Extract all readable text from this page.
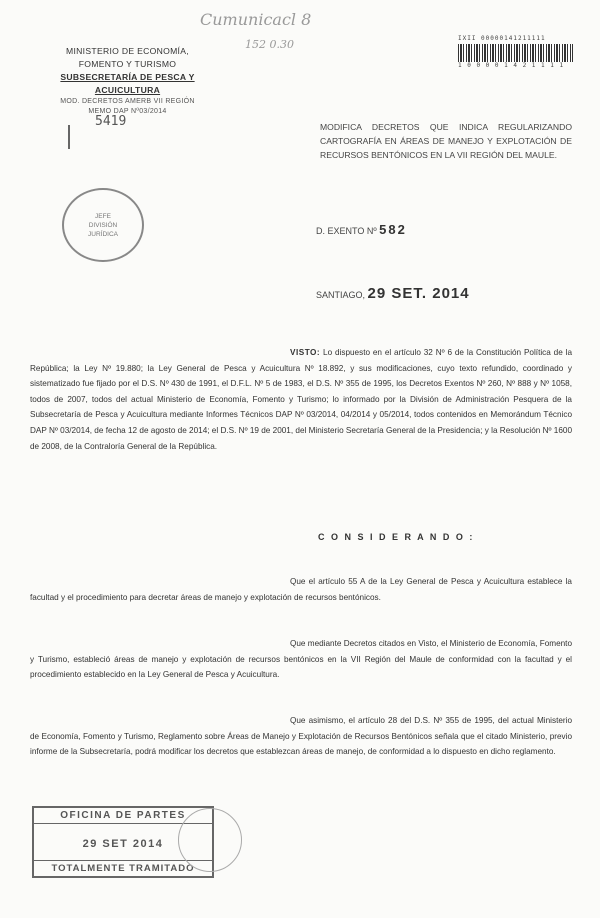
Cumunicacl 8
152 0.30
MINISTERIO DE ECONOMÍA,
FOMENTO Y TURISMO
SUBSECRETARÍA DE PESCA Y ACUICULTURA
MOD. DECRETOS AMERB VII REGIÓN
MEMO DAP Nº03/2014
5419
IXII 00000141211111
1 0 0 0 0 1 4 2 1 1 1 1
MODIFICA DECRETOS QUE INDICA REGULARIZANDO CARTOGRAFÍA EN ÁREAS DE MANEJO Y EXPLOTACIÓN DE RECURSOS BENTÓNICOS EN LA VII REGIÓN DEL MAULE.
JEFE
DIVISIÓN
JURÍDICA	D. EXENTO Nº 582
SANTIAGO, 29 SET. 2014
VISTO: Lo dispuesto en el artículo 32 Nº 6 de la Constitución Política de la República; la Ley Nº 19.880; la Ley General de Pesca y Acuicultura Nº 18.892, y sus modificaciones, cuyo texto refundido, coordinado y sistematizado fue fijado por el D.S. Nº 430 de 1991, el D.F.L. Nº 5 de 1983, el D.S. Nº 355 de 1995, los Decretos Exentos Nº 260, Nº 888 y Nº 1058, todos de 2007, todos del actual Ministerio de Economía, Fomento y Turismo; lo informado por la División de Administración Pesquera de la Subsecretaría de Pesca y Acuicultura mediante Informes Técnicos DAP Nº 03/2014, 04/2014 y 05/2014, todos contenidos en Memorándum Técnico DAP Nº 03/2014, de fecha 12 de agosto de 2014; el D.S. Nº 19 de 2001, del Ministerio Secretaría General de la Presidencia; y la Resolución Nº 1600 de 2008, de la Contraloría General de la República.
C O N S I D E R A N D O :
Que el artículo 55 A de la Ley General de Pesca y Acuicultura establece la facultad y el procedimiento para decretar áreas de manejo y explotación de recursos bentónicos.
Que mediante Decretos citados en Visto, el Ministerio de Economía, Fomento y Turismo, estableció áreas de manejo y explotación de recursos bentónicos en la VII Región del Maule de conformidad con la facultad y el procedimiento establecido en la Ley General de Pesca y Acuicultura.
Que asimismo, el artículo 28 del D.S. Nº 355 de 1995, del actual Ministerio de Economía, Fomento y Turismo, Reglamento sobre Áreas de Manejo y Explotación de Recursos Bentónicos señala que el citado Ministerio, previo informe de la Subsecretaría, podrá modificar los decretos que establezcan áreas de manejo, de conformidad a lo dispuesto en dicho reglamento.
OFICINA DE PARTES
29 SET 2014
TOTALMENTE TRAMITADO
